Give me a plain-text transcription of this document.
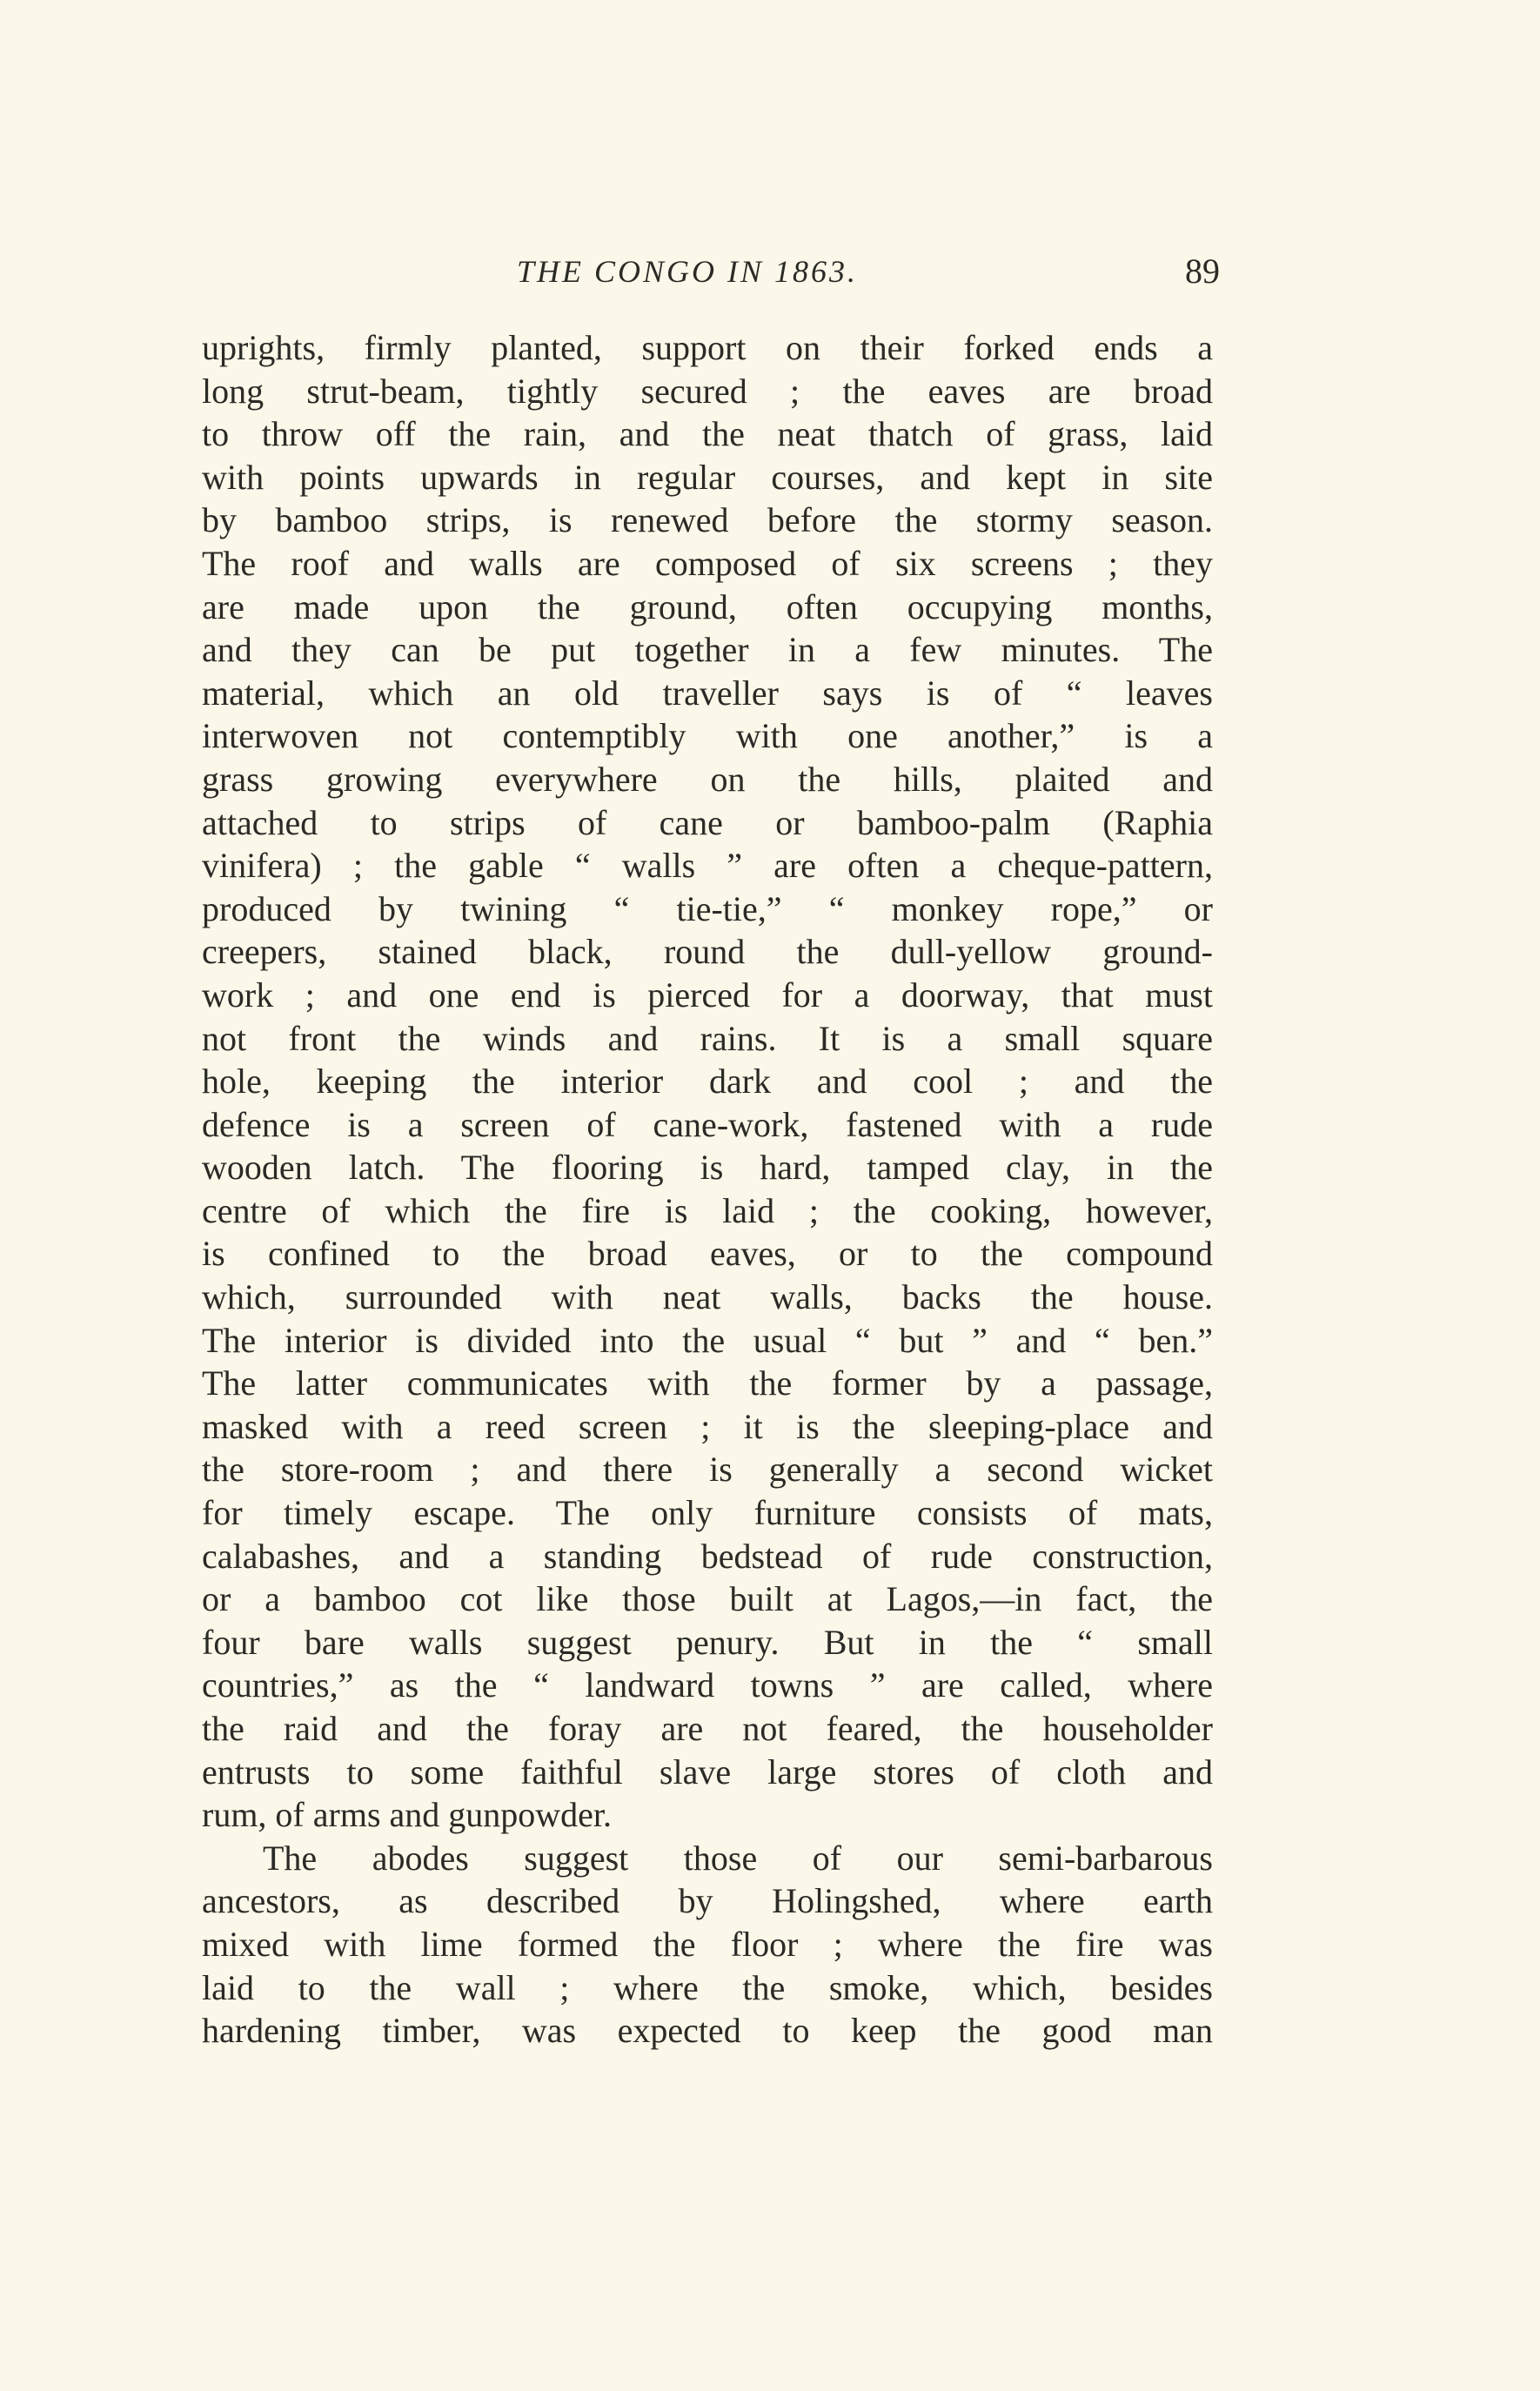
THE CONGO IN 1863.	89
uprights, firmly planted, support on their forked ends a
long strut-beam, tightly secured ; the eaves are broad
to throw off the rain, and the neat thatch of grass, laid
with points upwards in regular courses, and kept in site
by bamboo strips, is renewed before the stormy season.
The roof and walls are composed of six screens ; they
are made upon the ground, often occupying months,
and they can be put together in a few minutes. The
material, which an old traveller says is of “ leaves
interwoven not contemptibly with one another,” is a
grass growing everywhere on the hills, plaited and
attached to strips of cane or bamboo-palm (Raphia
vinifera) ; the gable “ walls ” are often a cheque-pattern,
produced by twining “ tie-tie,” “ monkey rope,” or
creepers, stained black, round the dull-yellow ground-
work ; and one end is pierced for a doorway, that must
not front the winds and rains. It is a small square
hole, keeping the interior dark and cool ; and the
defence is a screen of cane-work, fastened with a rude
wooden latch. The flooring is hard, tamped clay, in the
centre of which the fire is laid ; the cooking, however,
is confined to the broad eaves, or to the compound
which, surrounded with neat walls, backs the house.
The interior is divided into the usual “ but ” and “ ben.”
The latter communicates with the former by a passage,
masked with a reed screen ; it is the sleeping-place and
the store-room ; and there is generally a second wicket
for timely escape. The only furniture consists of mats,
calabashes, and a standing bedstead of rude construction,
or a bamboo cot like those built at Lagos,—in fact, the
four bare walls suggest penury. But in the “ small
countries,” as the “ landward towns ” are called, where
the raid and the foray are not feared, the householder
entrusts to some faithful slave large stores of cloth and
rum, of arms and gunpowder.
The abodes suggest those of our semi-barbarous
ancestors, as described by Holingshed, where earth
mixed with lime formed the floor ; where the fire was
laid to the wall ; where the smoke, which, besides
hardening timber, was expected to keep the good man
